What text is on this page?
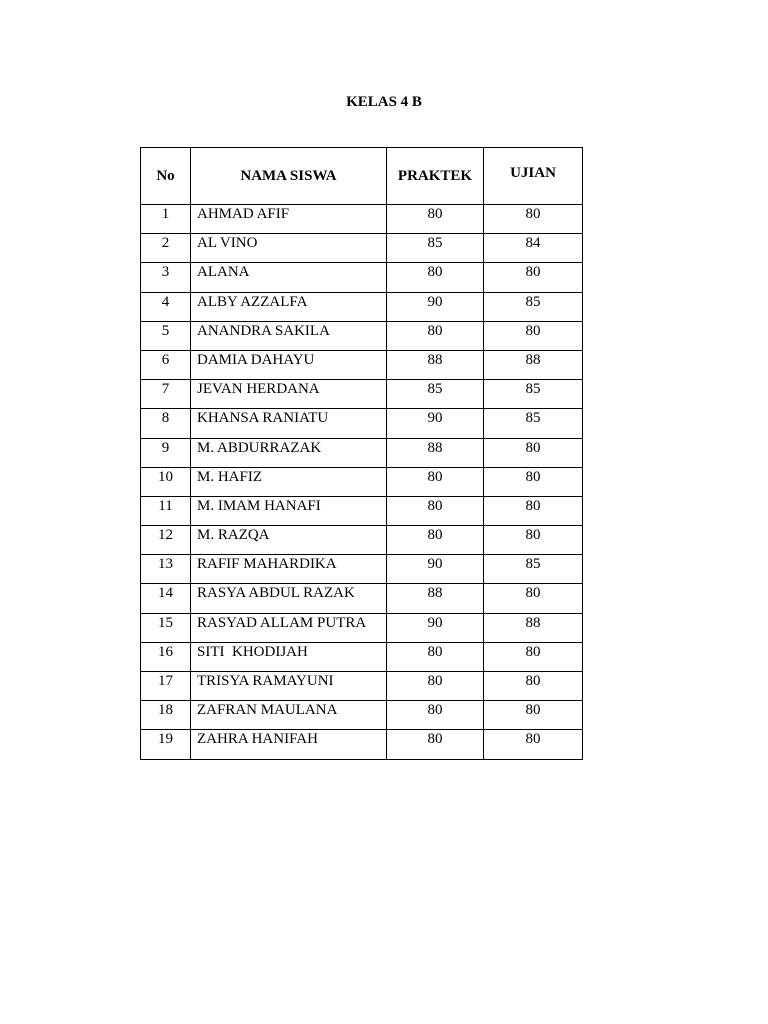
KELAS 4 B
No	NAMA SISWA	PRAKTEK	UJIAN
1	AHMAD AFIF	80	80
2	AL VINO	85	84
3	ALANA	80	80
4	ALBY AZZALFA	90	85
5	ANANDRA SAKILA	80	80
6	DAMIA DAHAYU	88	88
7	JEVAN HERDANA	85	85
8	KHANSA RANIATU	90	85
9	M. ABDURRAZAK	88	80
10	M. HAFIZ	80	80
11	M. IMAM HANAFI	80	80
12	M. RAZQA	80	80
13	RAFIF MAHARDIKA	90	85
14	RASYA ABDUL RAZAK	88	80
15	RASYAD ALLAM PUTRA	90	88
16	SITI  KHODIJAH	80	80
17	TRISYA RAMAYUNI	80	80
18	ZAFRAN MAULANA	80	80
19	ZAHRA HANIFAH	80	80
